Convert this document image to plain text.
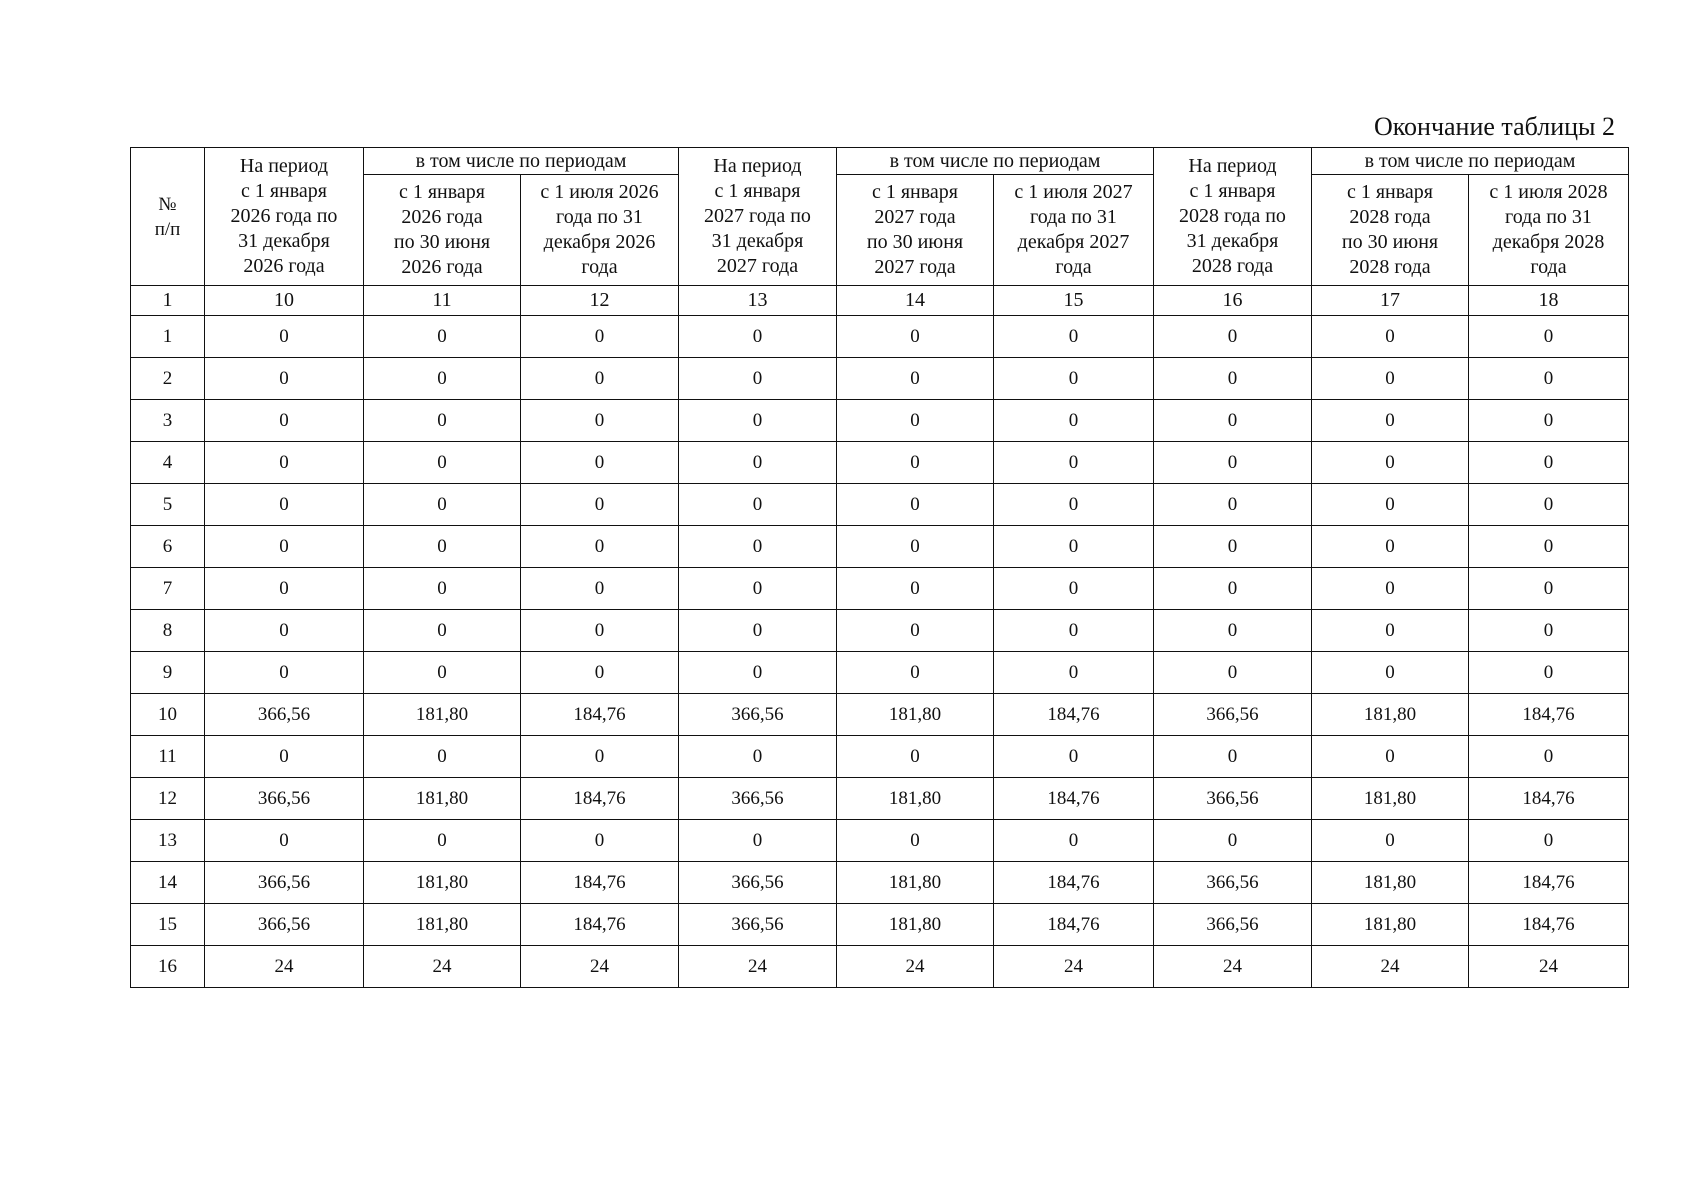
Окончание таблицы 2
№
п/п	На период
с 1 января
2026 года по
31 декабря
2026 года	в том числе по периодам		На период
с 1 января
2027 года по
31 декабря
2027 года	в том числе по периодам		На период
с 1 января
2028 года по
31 декабря
2028 года	в том числе по периодам	
		с 1 января
2026 года
по 30 июня
2026 года	с 1 июля 2026
года по 31
декабря 2026
года		с 1 января
2027 года
по 30 июня
2027 года	с 1 июля 2027
года по 31
декабря 2027
года		с 1 января
2028 года
по 30 июня
2028 года	с 1 июля 2028
года по 31
декабря 2028
года
1	10	11	12	13	14	15	16	17	18
1	0	0	0	0	0	0	0	0	0
2	0	0	0	0	0	0	0	0	0
3	0	0	0	0	0	0	0	0	0
4	0	0	0	0	0	0	0	0	0
5	0	0	0	0	0	0	0	0	0
6	0	0	0	0	0	0	0	0	0
7	0	0	0	0	0	0	0	0	0
8	0	0	0	0	0	0	0	0	0
9	0	0	0	0	0	0	0	0	0
10	366,56	181,80	184,76	366,56	181,80	184,76	366,56	181,80	184,76
11	0	0	0	0	0	0	0	0	0
12	366,56	181,80	184,76	366,56	181,80	184,76	366,56	181,80	184,76
13	0	0	0	0	0	0	0	0	0
14	366,56	181,80	184,76	366,56	181,80	184,76	366,56	181,80	184,76
15	366,56	181,80	184,76	366,56	181,80	184,76	366,56	181,80	184,76
16	24	24	24	24	24	24	24	24	24
